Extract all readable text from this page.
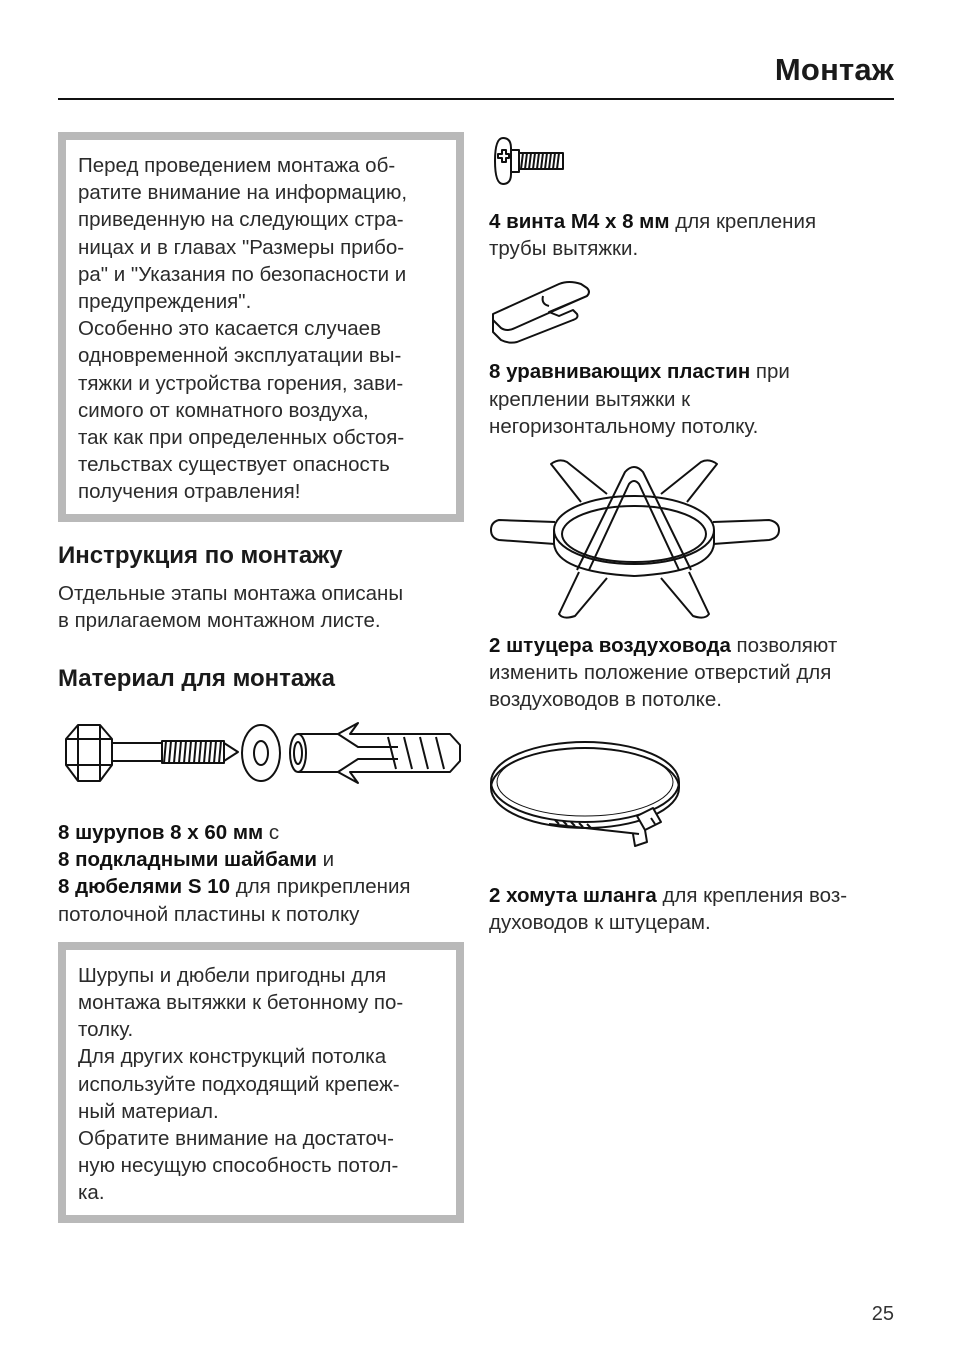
Монтаж
Перед проведением монтажа об-
ратите внимание на информацию,
приведенную на следующих стра-
ницах и в главах "Размеры прибо-
ра" и "Указания по безопасности и
предупреждения".
Особенно это касается случаев
одновременной эксплуатации вы-
тяжки и устройства горения, зави-
симого от комнатного воздуха,
так как при определенных обстоя-
тельствах существует опасность
получения отравления!
Инструкция по монтажу
Отдельные этапы монтажа описаны
в прилагаемом монтажном листе.
Материал для монтажа
8 шурупов 8 x 60 мм с
8 подкладными шайбами и
8 дюбелями S 10 для прикрепления
потолочной пластины к потолку
Шурупы и дюбели пригодны для
монтажа вытяжки к бетонному по-
толку.
Для других конструкций потолка
используйте подходящий крепеж-
ный материал.
Обратите внимание на достаточ-
ную несущую способность потол-
ка.
4 винта M4 x 8 мм для крепления
трубы вытяжки.
8 уравнивающих пластин при
креплении вытяжки к
негоризонтальному потолку.
2 штуцера воздуховода позволяют
изменить положение отверстий для
воздуховодов в потолке.
2 хомута шланга для крепления воз-
духоводов к штуцерам.
25
